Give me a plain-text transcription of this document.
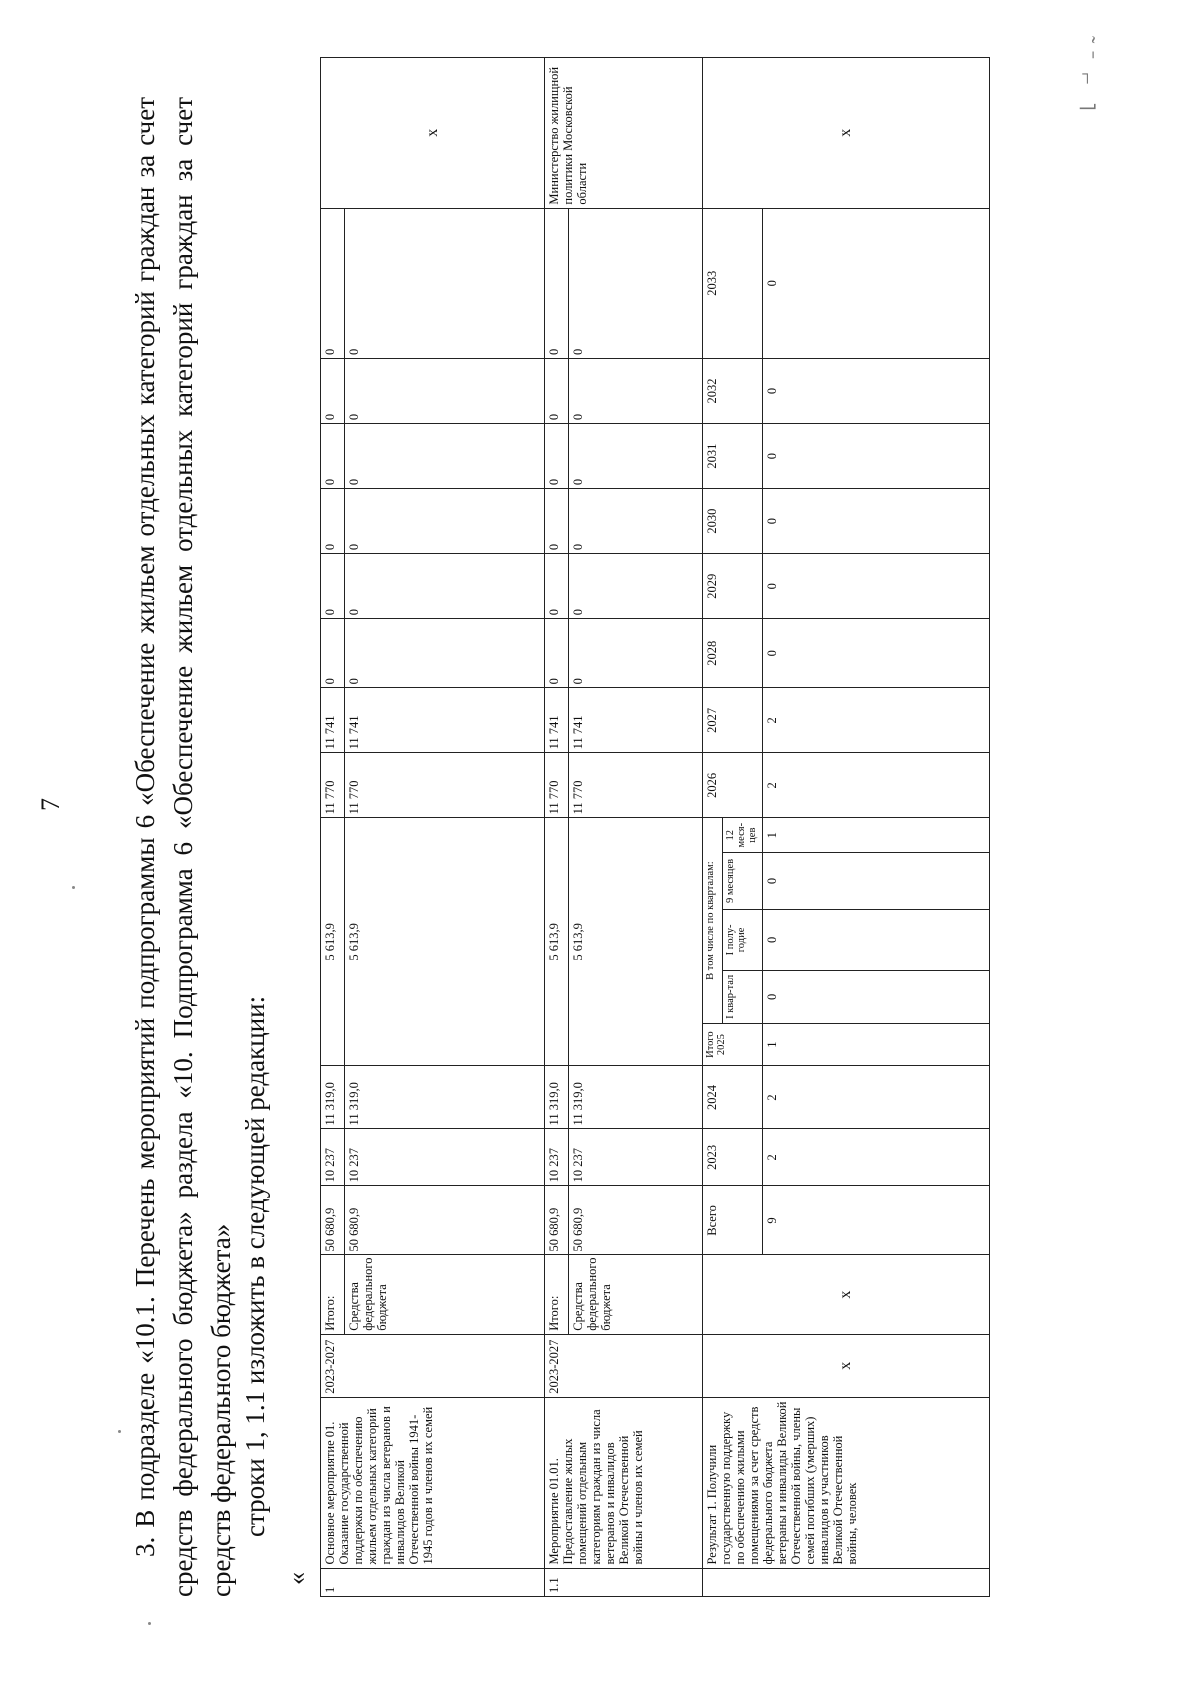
˜ ̄ ⌐ ˥
7 3. В подразделе «10.1. Перечень мероприятий подпрограммы 6 «Обеспечение жильем отдельных категорий граждан за счет средств федерального бюджета» раздела «10. Подпрограмма 6 «Обеспечение жильем отдельных категорий граждан за счет средств федерального бюджета» строки 1, 1.1 изложить в следующей редакции:
«
1	Основное мероприятие 01. Оказание государственной поддержки по обеспечению жильем отдельных категорий граждан из числа ветеранов и инвалидов Великой Отечественной войны 1941-1945 годов и членов их семей	2023-2027	Итого:	50 680,9	10 237	11 319,0	5 613,9					11 770	11 741	0	0	0	0	0	0	х
			Средства федерального бюджета	50 680,9	10 237	11 319,0	5 613,9					11 770	11 741	0	0	0	0	0	0	
1.1	Мероприятие 01.01. Предоставление жилых помещений отдельным категориям граждан из числа ветеранов и инвалидов Великой Отечественной войны и членов их семей	2023-2027	Итого:	50 680,9	10 237	11 319,0	5 613,9					11 770	11 741	0	0	0	0	0	0	Министерство жилищной политики Московской области
			Средства федерального бюджета	50 680,9	10 237	11 319,0	5 613,9					11 770	11 741	0	0	0	0	0	0	
	Результат 1. Получили государственную поддержку по обеспечению жилыми помещениями за счет средств федерального бюджета ветераны и инвалиды Великой Отечественной войны, члены семей погибших (умерших) инвалидов и участников Великой Отечественной войны, человек	х	х	Всего	2023	2024	Итого 2025	В том числе по кварталам:				2026	2027	2028	2029	2030	2031	2032	2033	х
								I квар-тал	I полу-годие	9 месяцев	12 меся-цев									
				9	2	2	1	0	0	0	1	2	2	0	0	0	0	0	0	
